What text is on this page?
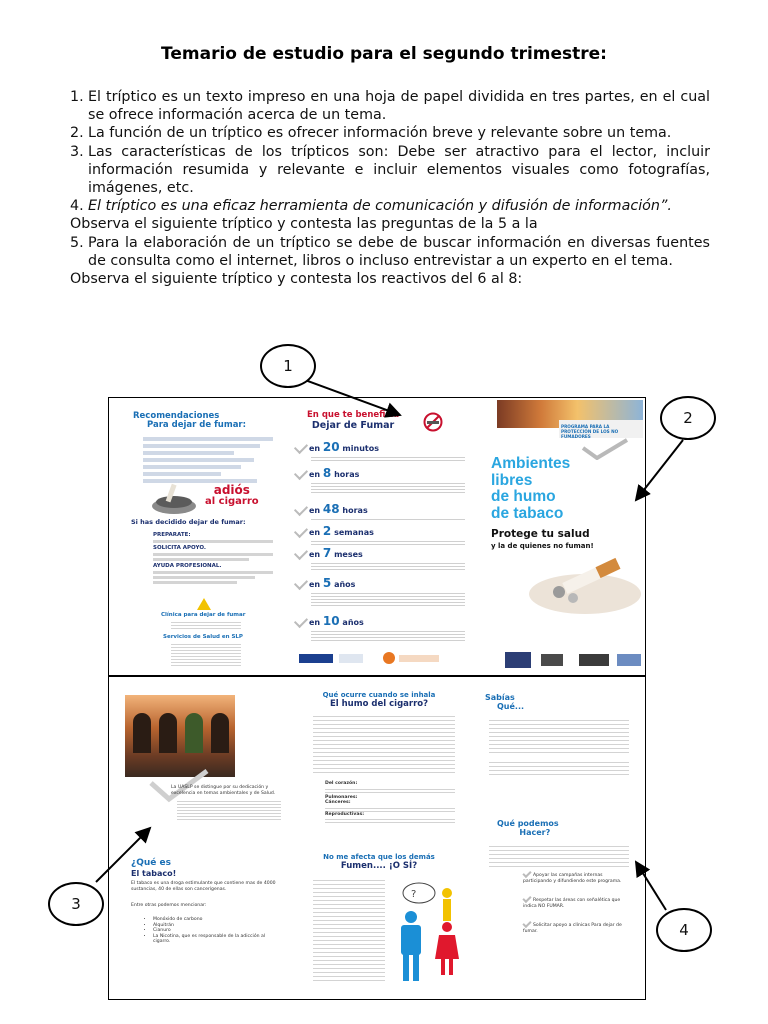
Temario de estudio para el segundo trimestre:
1. El tríptico es un texto impreso en una hoja de papel dividida en tres partes, en el cual se ofrece información acerca de un tema.
2. La función de un tríptico es ofrecer información breve y relevante sobre un tema.
3. Las características de los trípticos son: Debe ser atractivo para el lector, incluir información resumida y relevante e incluir elementos visuales como fotografías, imágenes, etc.
4. El tríptico es una eficaz herramienta de comunicación y difusión de información”.
Observa el siguiente tríptico y contesta las preguntas de la 5 a la
5. Para la elaboración de un tríptico se debe de buscar información en diversas fuentes de consulta como el internet, libros o incluso entrevistar a un experto en el tema.
Observa el siguiente tríptico y contesta los reactivos del 6 al 8:
Recomendaciones
Para dejar de fumar:
adiós
al cigarro
Si has decidido dejar de fumar:
PREPARATE:
SOLICITA APOYO.
AYUDA PROFESIONAL.
Clínica para dejar de fumar
Servicios de Salud en SLP
En que te beneficia
Dejar de Fumar
en 20 minutos
en 8 horas
en 48 horas
en 2 semanas
en 7 meses
en 5 años
en 10 años
PROGRAMA PARA LA PROTECCIÓN DE LOS NO FUMADORES
Ambientes
libres
de humo
de tabaco
Protege tu salud
y la de quienes no fuman!
La UASLP se distingue por su dedicación y excelencia en temas ambientales y de Salud.
¿Qué es
El tabaco!
El tabaco es una droga estimulante que contiene mas de 4000 sustancias, 40 de ellas son cancerígenas.
Entre otras podemos mencionar:
• Monóxido de carbono
• Alquitrán
• Cianuro
• La Nicotina, que es responsable de la adicción al cigarro.
Qué ocurre cuando se inhala
El humo del cigarro?
Del corazón:
Pulmonares:
Cánceres:
Reproductivas:
No me afecta que los demás
Fumen.... ¡O SÍ?
?
Sabías
Qué...
Qué podemos
Hacer?
Apoyar las campañas internas participando y difundiendo este programa.
Respetar las áreas con señalética que indica NO FUMAR.
Solicitar apoyo a clínicas Para dejar de fumar.
1
2
3
4
